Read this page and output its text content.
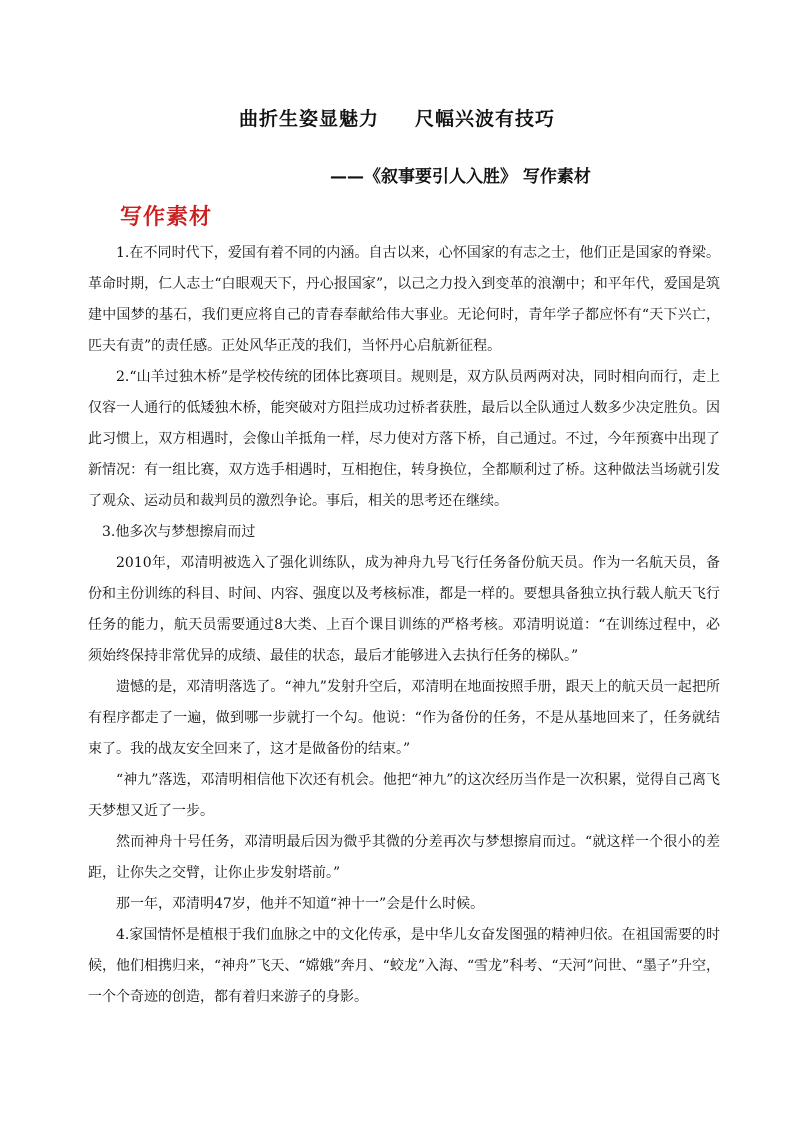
曲折生姿显魅力 尺幅兴波有技巧
——《叙事要引人入胜》 写作素材
写作素材

1.在不同时代下，爱国有着不同的内涵。自古以来，心怀国家的有志之士，他们正是国家的脊梁。革命时期，仁人志士“白眼观天下，丹心报国家”，以己之力投入到变革的浪潮中；和平年代，爱国是筑建中国梦的基石，我们更应将自己的青春奉献给伟大事业。无论何时，青年学子都应怀有“天下兴亡，匹夫有责”的责任感。正处风华正茂的我们，当怀丹心启航新征程。

2.“山羊过独木桥”是学校传统的团体比赛项目。规则是，双方队员两两对决，同时相向而行，走上仅容一人通行的低矮独木桥，能突破对方阻拦成功过桥者获胜，最后以全队通过人数多少决定胜负。因此习惯上，双方相遇时，会像山羊抵角一样，尽力使对方落下桥，自己通过。不过，今年预赛中出现了新情况：有一组比赛，双方选手相遇时，互相抱住，转身换位，全都顺利过了桥。这种做法当场就引发了观众、运动员和裁判员的激烈争论。事后，相关的思考还在继续。

3.他多次与梦想擦肩而过

2010年，邓清明被选入了强化训练队，成为神舟九号飞行任务备份航天员。作为一名航天员，备份和主份训练的科目、时间、内容、强度以及考核标准，都是一样的。要想具备独立执行载人航天飞行任务的能力，航天员需要通过8大类、上百个课目训练的严格考核。邓清明说道：“在训练过程中，必须始终保持非常优异的成绩、最佳的状态，最后才能够进入去执行任务的梯队。”

遗憾的是，邓清明落选了。“神九”发射升空后，邓清明在地面按照手册，跟天上的航天员一起把所有程序都走了一遍，做到哪一步就打一个勾。他说：“作为备份的任务，不是从基地回来了，任务就结束了。我的战友安全回来了，这才是做备份的结束。”

“神九”落选，邓清明相信他下次还有机会。他把“神九”的这次经历当作是一次积累，觉得自己离飞天梦想又近了一步。

然而神舟十号任务，邓清明最后因为微乎其微的分差再次与梦想擦肩而过。“就这样一个很小的差距，让你失之交臂，让你止步发射塔前。”

那一年，邓清明47岁，他并不知道“神十一”会是什么时候。

4.家国情怀是植根于我们血脉之中的文化传承，是中华儿女奋发图强的精神归依。在祖国需要的时候，他们相携归来，“神舟”飞天、“嫦娥”奔月、“蛟龙”入海、“雪龙”科考、“天河”问世、“墨子”升空，一个个奇迹的创造，都有着归来游子的身影。
